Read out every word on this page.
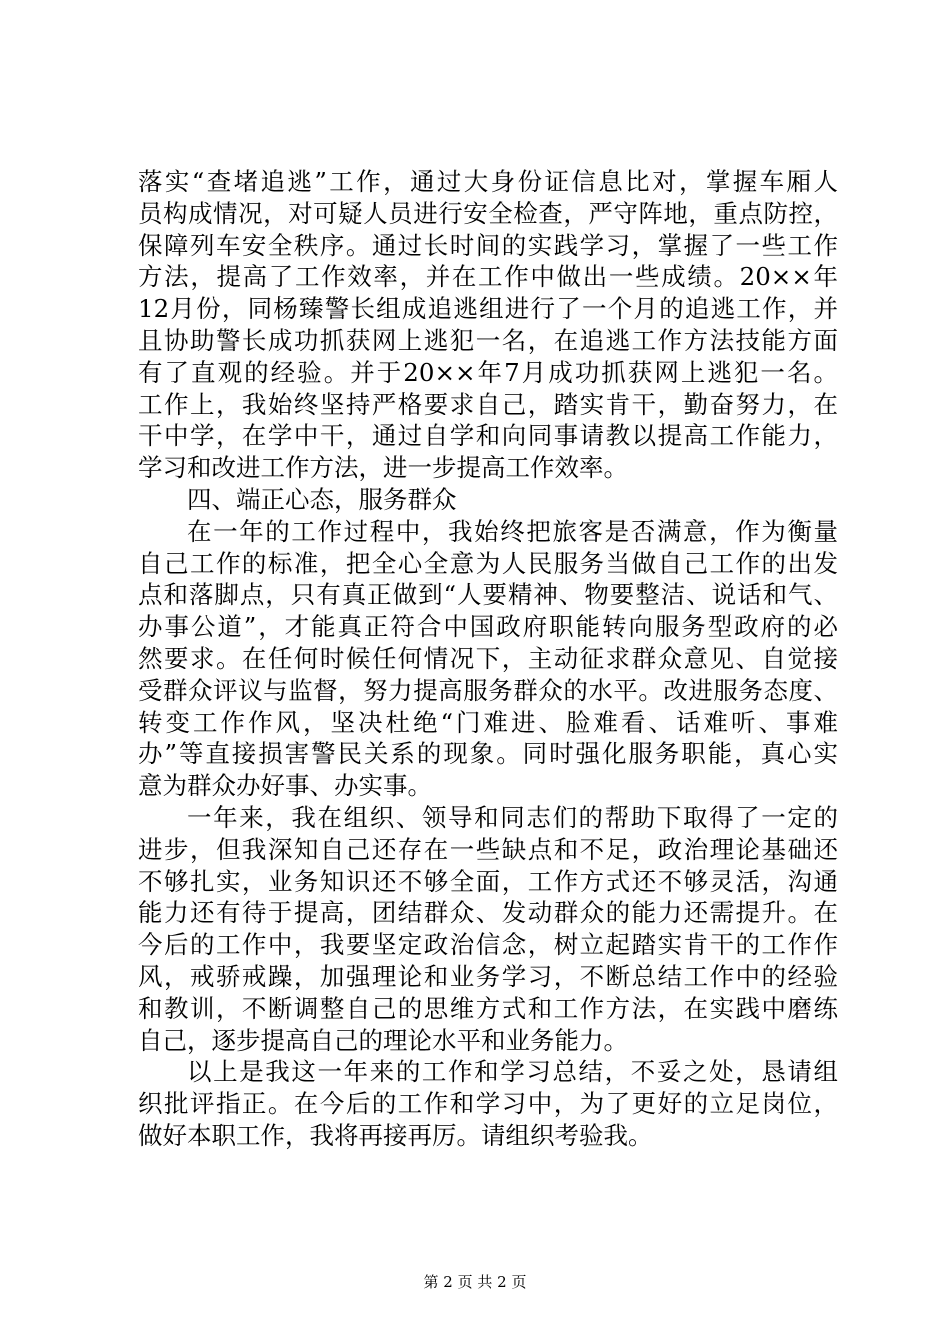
落实“查堵追逃”工作，通过大身份证信息比对，掌握车厢人
员构成情况，对可疑人员进行安全检查，严守阵地，重点防控，
保障列车安全秩序。通过长时间的实践学习，掌握了一些工作
方法，提高了工作效率，并在工作中做出一些成绩。20××年
12月份，同杨臻警长组成追逃组进行了一个月的追逃工作，并
且协助警长成功抓获网上逃犯一名，在追逃工作方法技能方面
有了直观的经验。并于20××年7月成功抓获网上逃犯一名。
工作上，我始终坚持严格要求自己，踏实肯干，勤奋努力，在
干中学，在学中干，通过自学和向同事请教以提高工作能力，
学习和改进工作方法，进一步提高工作效率。
四、端正心态，服务群众
在一年的工作过程中，我始终把旅客是否满意，作为衡量
自己工作的标准，把全心全意为人民服务当做自己工作的出发
点和落脚点，只有真正做到“人要精神、物要整洁、说话和气、
办事公道”，才能真正符合中国政府职能转向服务型政府的必
然要求。在任何时候任何情况下，主动征求群众意见、自觉接
受群众评议与监督，努力提高服务群众的水平。改进服务态度、
转变工作作风，坚决杜绝“门难进、脸难看、话难听、事难
办”等直接损害警民关系的现象。同时强化服务职能，真心实
意为群众办好事、办实事。
一年来，我在组织、领导和同志们的帮助下取得了一定的
进步，但我深知自己还存在一些缺点和不足，政治理论基础还
不够扎实，业务知识还不够全面，工作方式还不够灵活，沟通
能力还有待于提高，团结群众、发动群众的能力还需提升。在
今后的工作中，我要坚定政治信念，树立起踏实肯干的工作作
风，戒骄戒躁，加强理论和业务学习，不断总结工作中的经验
和教训，不断调整自己的思维方式和工作方法，在实践中磨练
自己，逐步提高自己的理论水平和业务能力。
以上是我这一年来的工作和学习总结，不妥之处，恳请组
织批评指正。在今后的工作和学习中，为了更好的立足岗位，
做好本职工作，我将再接再厉。请组织考验我。
第 2 页 共 2 页
